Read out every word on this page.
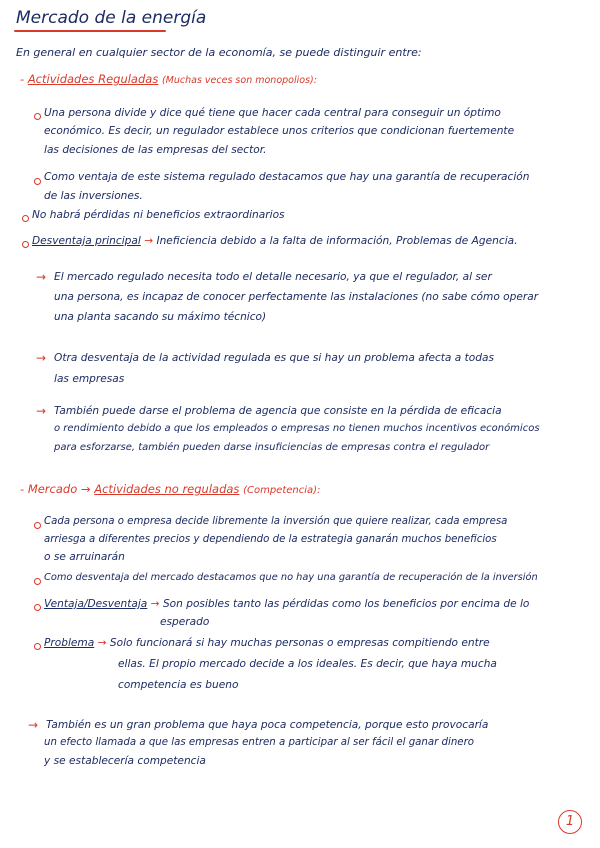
Mercado de la energía
En general en cualquier sector de la economía, se puede distinguir entre:
- Actividades Reguladas (Muchas veces son monopolios):
Una persona divide y dice qué tiene que hacer cada central para conseguir un óptimo
económico. Es decir, un regulador establece unos criterios que condicionan fuertemente
las decisiones de las empresas del sector.
Como ventaja de este sistema regulado destacamos que hay una garantía de recuperación
de las inversiones.
No habrá pérdidas ni beneficios extraordinarios
Desventaja principal → Ineficiencia debido a la falta de información, Problemas de Agencia.
→ El mercado regulado necesita todo el detalle necesario, ya que el regulador, al ser
una persona, es incapaz de conocer perfectamente las instalaciones (no sabe cómo operar
una planta sacando su máximo técnico)
→ Otra desventaja de la actividad regulada es que si hay un problema afecta a todas
las empresas
→ También puede darse el problema de agencia que consiste en la pérdida de eficacia
o rendimiento debido a que los empleados o empresas no tienen muchos incentivos económicos
para esforzarse, también pueden darse insuficiencias de empresas contra el regulador
- Mercado → Actividades no reguladas (Competencia):
Cada persona o empresa decide libremente la inversión que quiere realizar, cada empresa
arriesga a diferentes precios y dependiendo de la estrategia ganarán muchos beneficios
o se arruinarán
Como desventaja del mercado destacamos que no hay una garantía de recuperación de la inversión
Ventaja/Desventaja → Son posibles tanto las pérdidas como los beneficios por encima de lo
esperado
Problema → Solo funcionará si hay muchas personas o empresas compitiendo entre
ellas. El propio mercado decide a los ideales. Es decir, que haya mucha
competencia es bueno
→ También es un gran problema que haya poca competencia, porque esto provocaría
un efecto llamada a que las empresas entren a participar al ser fácil el ganar dinero
y se establecería competencia
1
